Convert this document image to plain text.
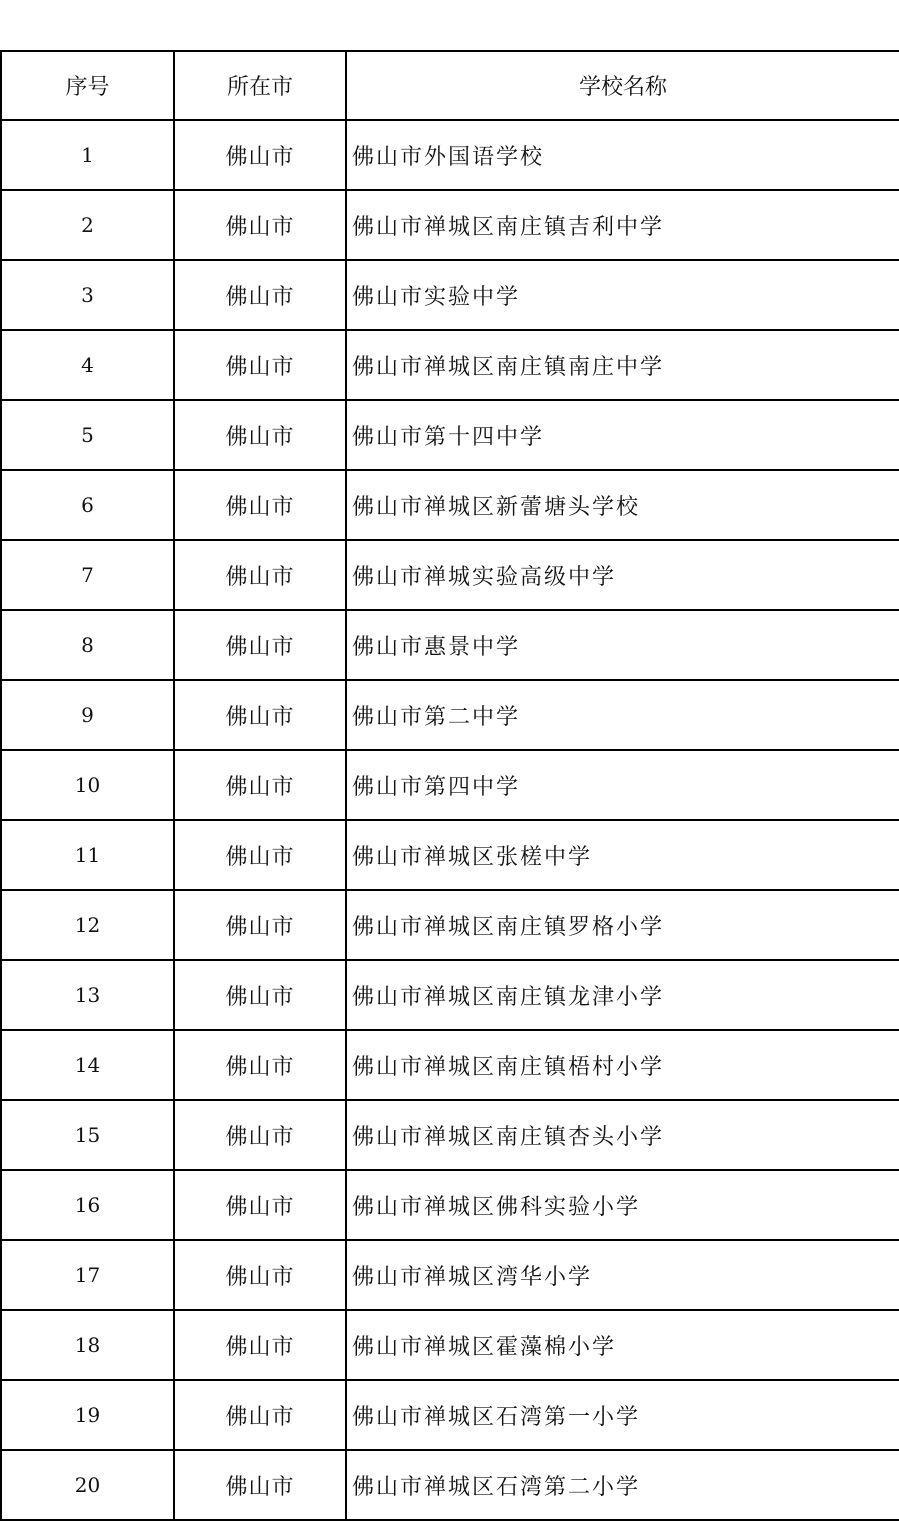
序号	所在市	学校名称
1	佛山市	佛山市外国语学校
2	佛山市	佛山市禅城区南庄镇吉利中学
3	佛山市	佛山市实验中学
4	佛山市	佛山市禅城区南庄镇南庄中学
5	佛山市	佛山市第十四中学
6	佛山市	佛山市禅城区新蕾塘头学校
7	佛山市	佛山市禅城实验高级中学
8	佛山市	佛山市惠景中学
9	佛山市	佛山市第二中学
10	佛山市	佛山市第四中学
11	佛山市	佛山市禅城区张槎中学
12	佛山市	佛山市禅城区南庄镇罗格小学
13	佛山市	佛山市禅城区南庄镇龙津小学
14	佛山市	佛山市禅城区南庄镇梧村小学
15	佛山市	佛山市禅城区南庄镇杏头小学
16	佛山市	佛山市禅城区佛科实验小学
17	佛山市	佛山市禅城区湾华小学
18	佛山市	佛山市禅城区霍藻棉小学
19	佛山市	佛山市禅城区石湾第一小学
20	佛山市	佛山市禅城区石湾第二小学
